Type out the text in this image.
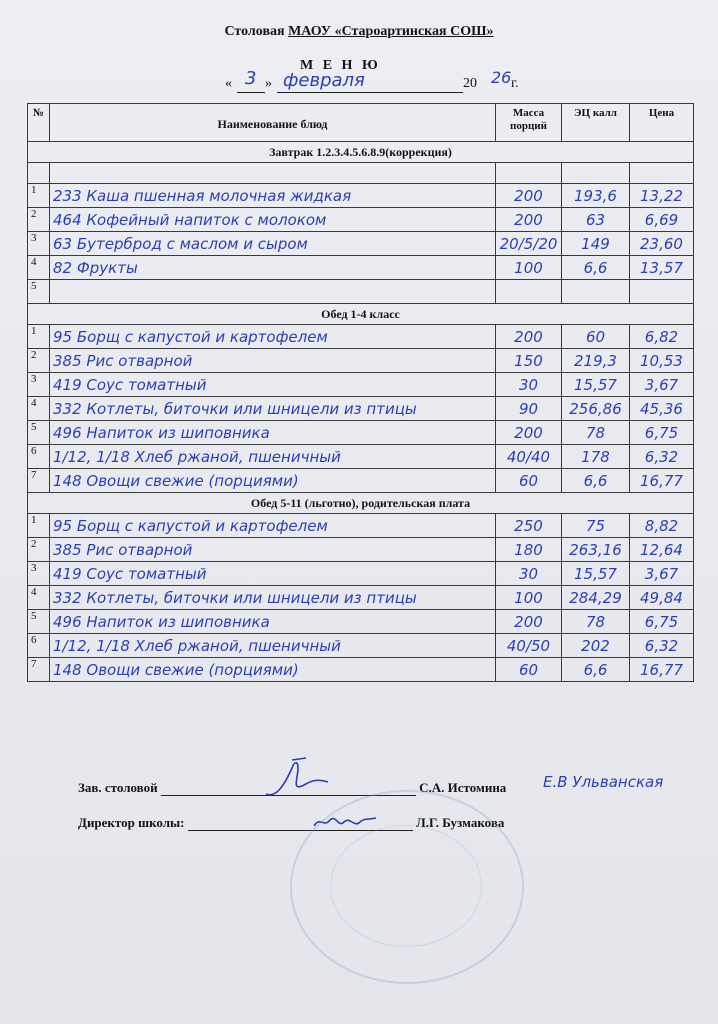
Столовая МАОУ «Староартинская СОШ»
М Е Н Ю
« 3 » февраля	20 26 г.
№	Наименование блюд	Масса порций	ЭЦ калл	Цена
Завтрак 1.2.3.4.5.6.8.9(коррекция)				

1	233 Каша пшенная молочная жидкая	200	193,6	13,22
2	464 Кофейный напиток с молоком	200	63	6,69
3	63 Бутерброд с маслом и сыром	20/5/20	149	23,60
4	82 Фрукты	100	6,6	13,57
5				
Обед 1-4 класс				
1	95 Борщ с капустой и картофелем	200	60	6,82
2	385 Рис отварной	150	219,3	10,53
3	419 Соус томатный	30	15,57	3,67
4	332 Котлеты, биточки или шницели из птицы	90	256,86	45,36
5	496 Напиток из шиповника	200	78	6,75
6	1/12, 1/18 Хлеб ржаной, пшеничный	40/40	178	6,32
7	148 Овощи свежие (порциями)	60	6,6	16,77
Обед 5-11 (льготно), родительская плата				
1	95 Борщ с капустой и картофелем	250	75	8,82
2	385 Рис отварной	180	263,16	12,64
3	419 Соус томатный	30	15,57	3,67
4	332 Котлеты, биточки или шницели из птицы	100	284,29	49,84
5	496 Напиток из шиповника	200	78	6,75
6	1/12, 1/18 Хлеб ржаной, пшеничный	40/50	202	6,32
7	148 Овощи свежие (порциями)	60	6,6	16,77
Зав. столовой	С.А. Истомина Е.В Ульванская
Директор школы:	Л.Г. Бузмакова
